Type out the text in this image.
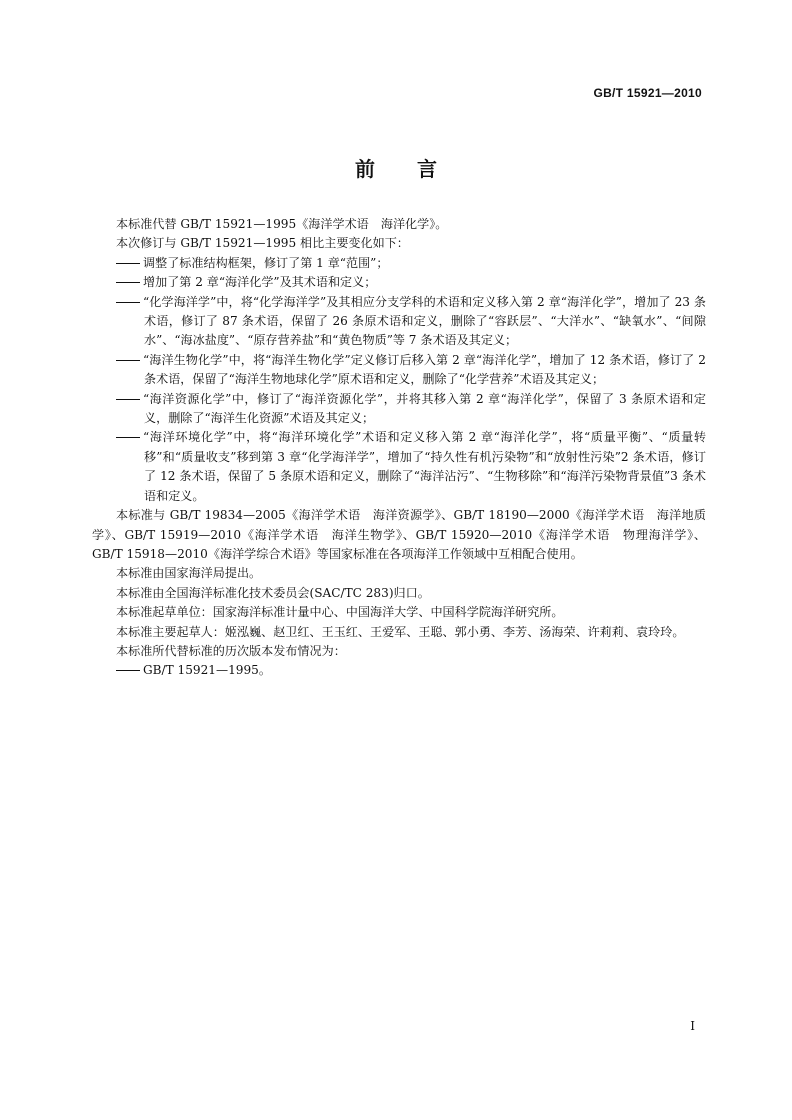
GB/T 15921—2010
前言

本标准代替 GB/T 15921—1995《海洋学术语　海洋化学》。

本次修订与 GB/T 15921—1995 相比主要变化如下：

调整了标准结构框架，修订了第 1 章“范围”；

增加了第 2 章“海洋化学”及其术语和定义；

“化学海洋学”中，将“化学海洋学”及其相应分支学科的术语和定义移入第 2 章“海洋化学”，增加了 23 条术语，修订了 87 条术语，保留了 26 条原术语和定义，删除了“容跃层”、“大洋水”、“缺氧水”、“间隙水”、“海冰盐度”、“原存营养盐”和“黄色物质”等 7 条术语及其定义；

“海洋生物化学”中，将“海洋生物化学”定义修订后移入第 2 章“海洋化学”，增加了 12 条术语，修订了 2 条术语，保留了“海洋生物地球化学”原术语和定义，删除了“化学营养”术语及其定义；

“海洋资源化学”中，修订了“海洋资源化学”，并将其移入第 2 章“海洋化学”，保留了 3 条原术语和定义，删除了“海洋生化资源”术语及其定义；

“海洋环境化学”中，将“海洋环境化学”术语和定义移入第 2 章“海洋化学”，将“质量平衡”、“质量转移”和“质量收支”移到第 3 章“化学海洋学”，增加了“持久性有机污染物”和“放射性污染”2 条术语，修订了 12 条术语，保留了 5 条原术语和定义，删除了“海洋沾污”、“生物移除”和“海洋污染物背景值”3 条术语和定义。

本标准与 GB/T 19834—2005《海洋学术语　海洋资源学》、GB/T 18190—2000《海洋学术语　海洋地质学》、GB/T 15919—2010《海洋学术语　海洋生物学》、GB/T 15920—2010《海洋学术语　物理海洋学》、GB/T 15918—2010《海洋学综合术语》等国家标准在各项海洋工作领域中互相配合使用。

本标准由国家海洋局提出。

本标准由全国海洋标准化技术委员会(SAC/TC 283)归口。

本标准起草单位：国家海洋标准计量中心、中国海洋大学、中国科学院海洋研究所。

本标准主要起草人：姬泓巍、赵卫红、王玉红、王爱军、王聪、郭小勇、李芳、汤海荣、许莉莉、袁玲玲。

本标准所代替标准的历次版本发布情况为：

GB/T 15921—1995。

I
